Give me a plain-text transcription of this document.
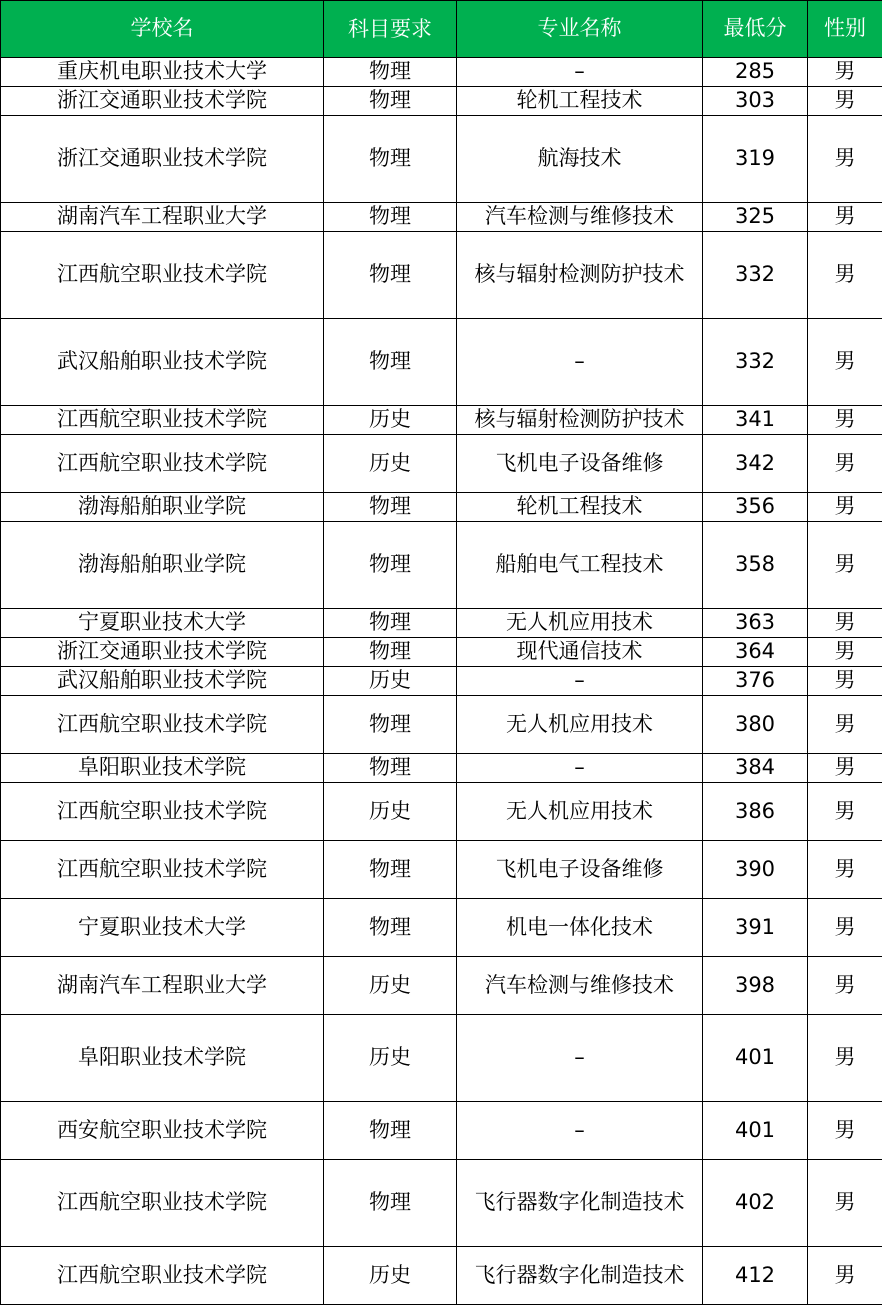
学校名	科目要求	专业名称	最低分	性别
重庆机电职业技术大学	物理	–	285	男
浙江交通职业技术学院	物理	轮机工程技术	303	男
浙江交通职业技术学院	物理	航海技术	319	男
湖南汽车工程职业大学	物理	汽车检测与维修技术	325	男
江西航空职业技术学院	物理	核与辐射检测防护技术	332	男
武汉船舶职业技术学院	物理	–	332	男
江西航空职业技术学院	历史	核与辐射检测防护技术	341	男
江西航空职业技术学院	历史	飞机电子设备维修	342	男
渤海船舶职业学院	物理	轮机工程技术	356	男
渤海船舶职业学院	物理	船舶电气工程技术	358	男
宁夏职业技术大学	物理	无人机应用技术	363	男
浙江交通职业技术学院	物理	现代通信技术	364	男
武汉船舶职业技术学院	历史	–	376	男
江西航空职业技术学院	物理	无人机应用技术	380	男
阜阳职业技术学院	物理	–	384	男
江西航空职业技术学院	历史	无人机应用技术	386	男
江西航空职业技术学院	物理	飞机电子设备维修	390	男
宁夏职业技术大学	物理	机电一体化技术	391	男
湖南汽车工程职业大学	历史	汽车检测与维修技术	398	男
阜阳职业技术学院	历史	–	401	男
西安航空职业技术学院	物理	–	401	男
江西航空职业技术学院	物理	飞行器数字化制造技术	402	男
江西航空职业技术学院	历史	飞行器数字化制造技术	412	男
